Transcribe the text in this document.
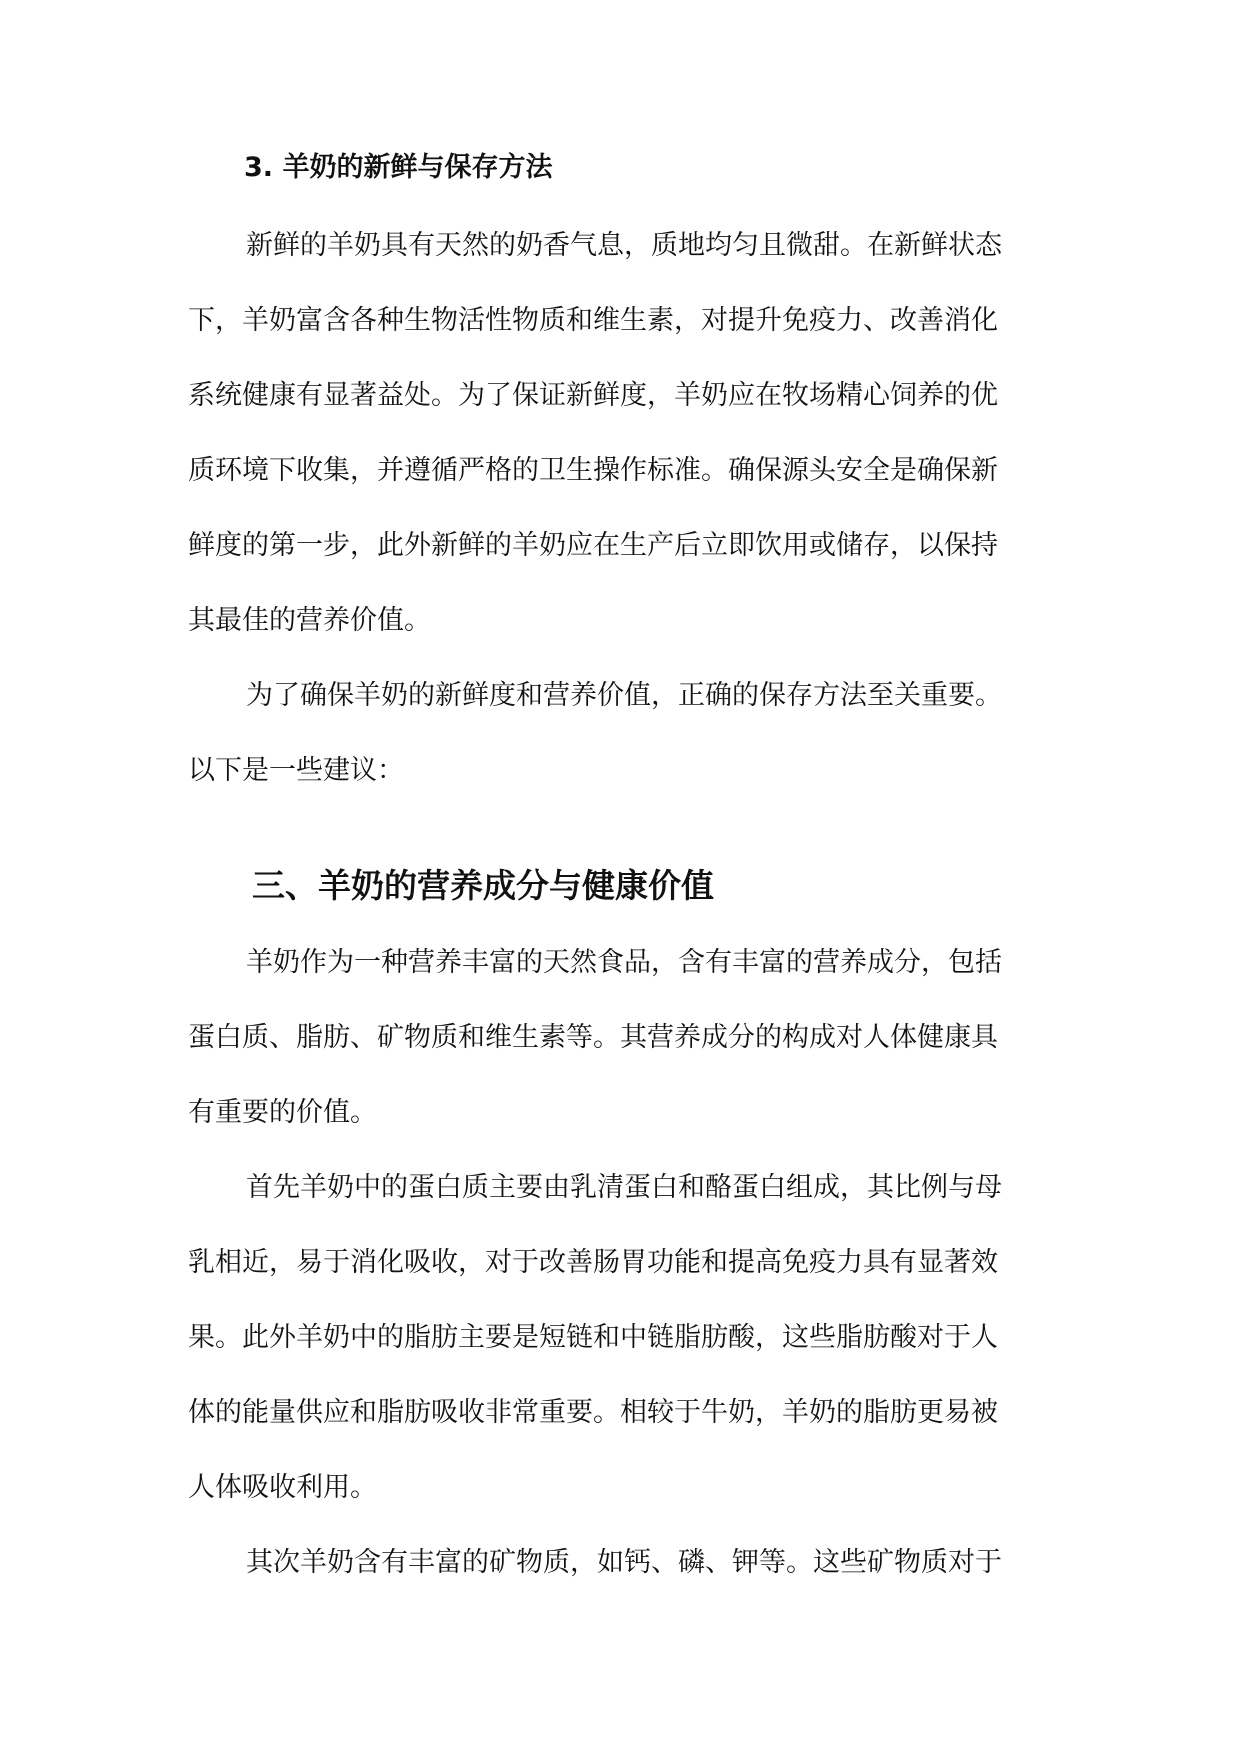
3. 羊奶的新鲜与保存方法
新鲜的羊奶具有天然的奶香气息，质地均匀且微甜。在新鲜状态
下，羊奶富含各种生物活性物质和维生素，对提升免疫力、改善消化
系统健康有显著益处。为了保证新鲜度，羊奶应在牧场精心饲养的优
质环境下收集，并遵循严格的卫生操作标准。确保源头安全是确保新
鲜度的第一步，此外新鲜的羊奶应在生产后立即饮用或储存，以保持
其最佳的营养价值。
为了确保羊奶的新鲜度和营养价值，正确的保存方法至关重要。
以下是一些建议：
三、羊奶的营养成分与健康价值
羊奶作为一种营养丰富的天然食品，含有丰富的营养成分，包括
蛋白质、脂肪、矿物质和维生素等。其营养成分的构成对人体健康具
有重要的价值。
首先羊奶中的蛋白质主要由乳清蛋白和酪蛋白组成，其比例与母
乳相近，易于消化吸收，对于改善肠胃功能和提高免疫力具有显著效
果。此外羊奶中的脂肪主要是短链和中链脂肪酸，这些脂肪酸对于人
体的能量供应和脂肪吸收非常重要。相较于牛奶，羊奶的脂肪更易被
人体吸收利用。
其次羊奶含有丰富的矿物质，如钙、磷、钾等。这些矿物质对于
